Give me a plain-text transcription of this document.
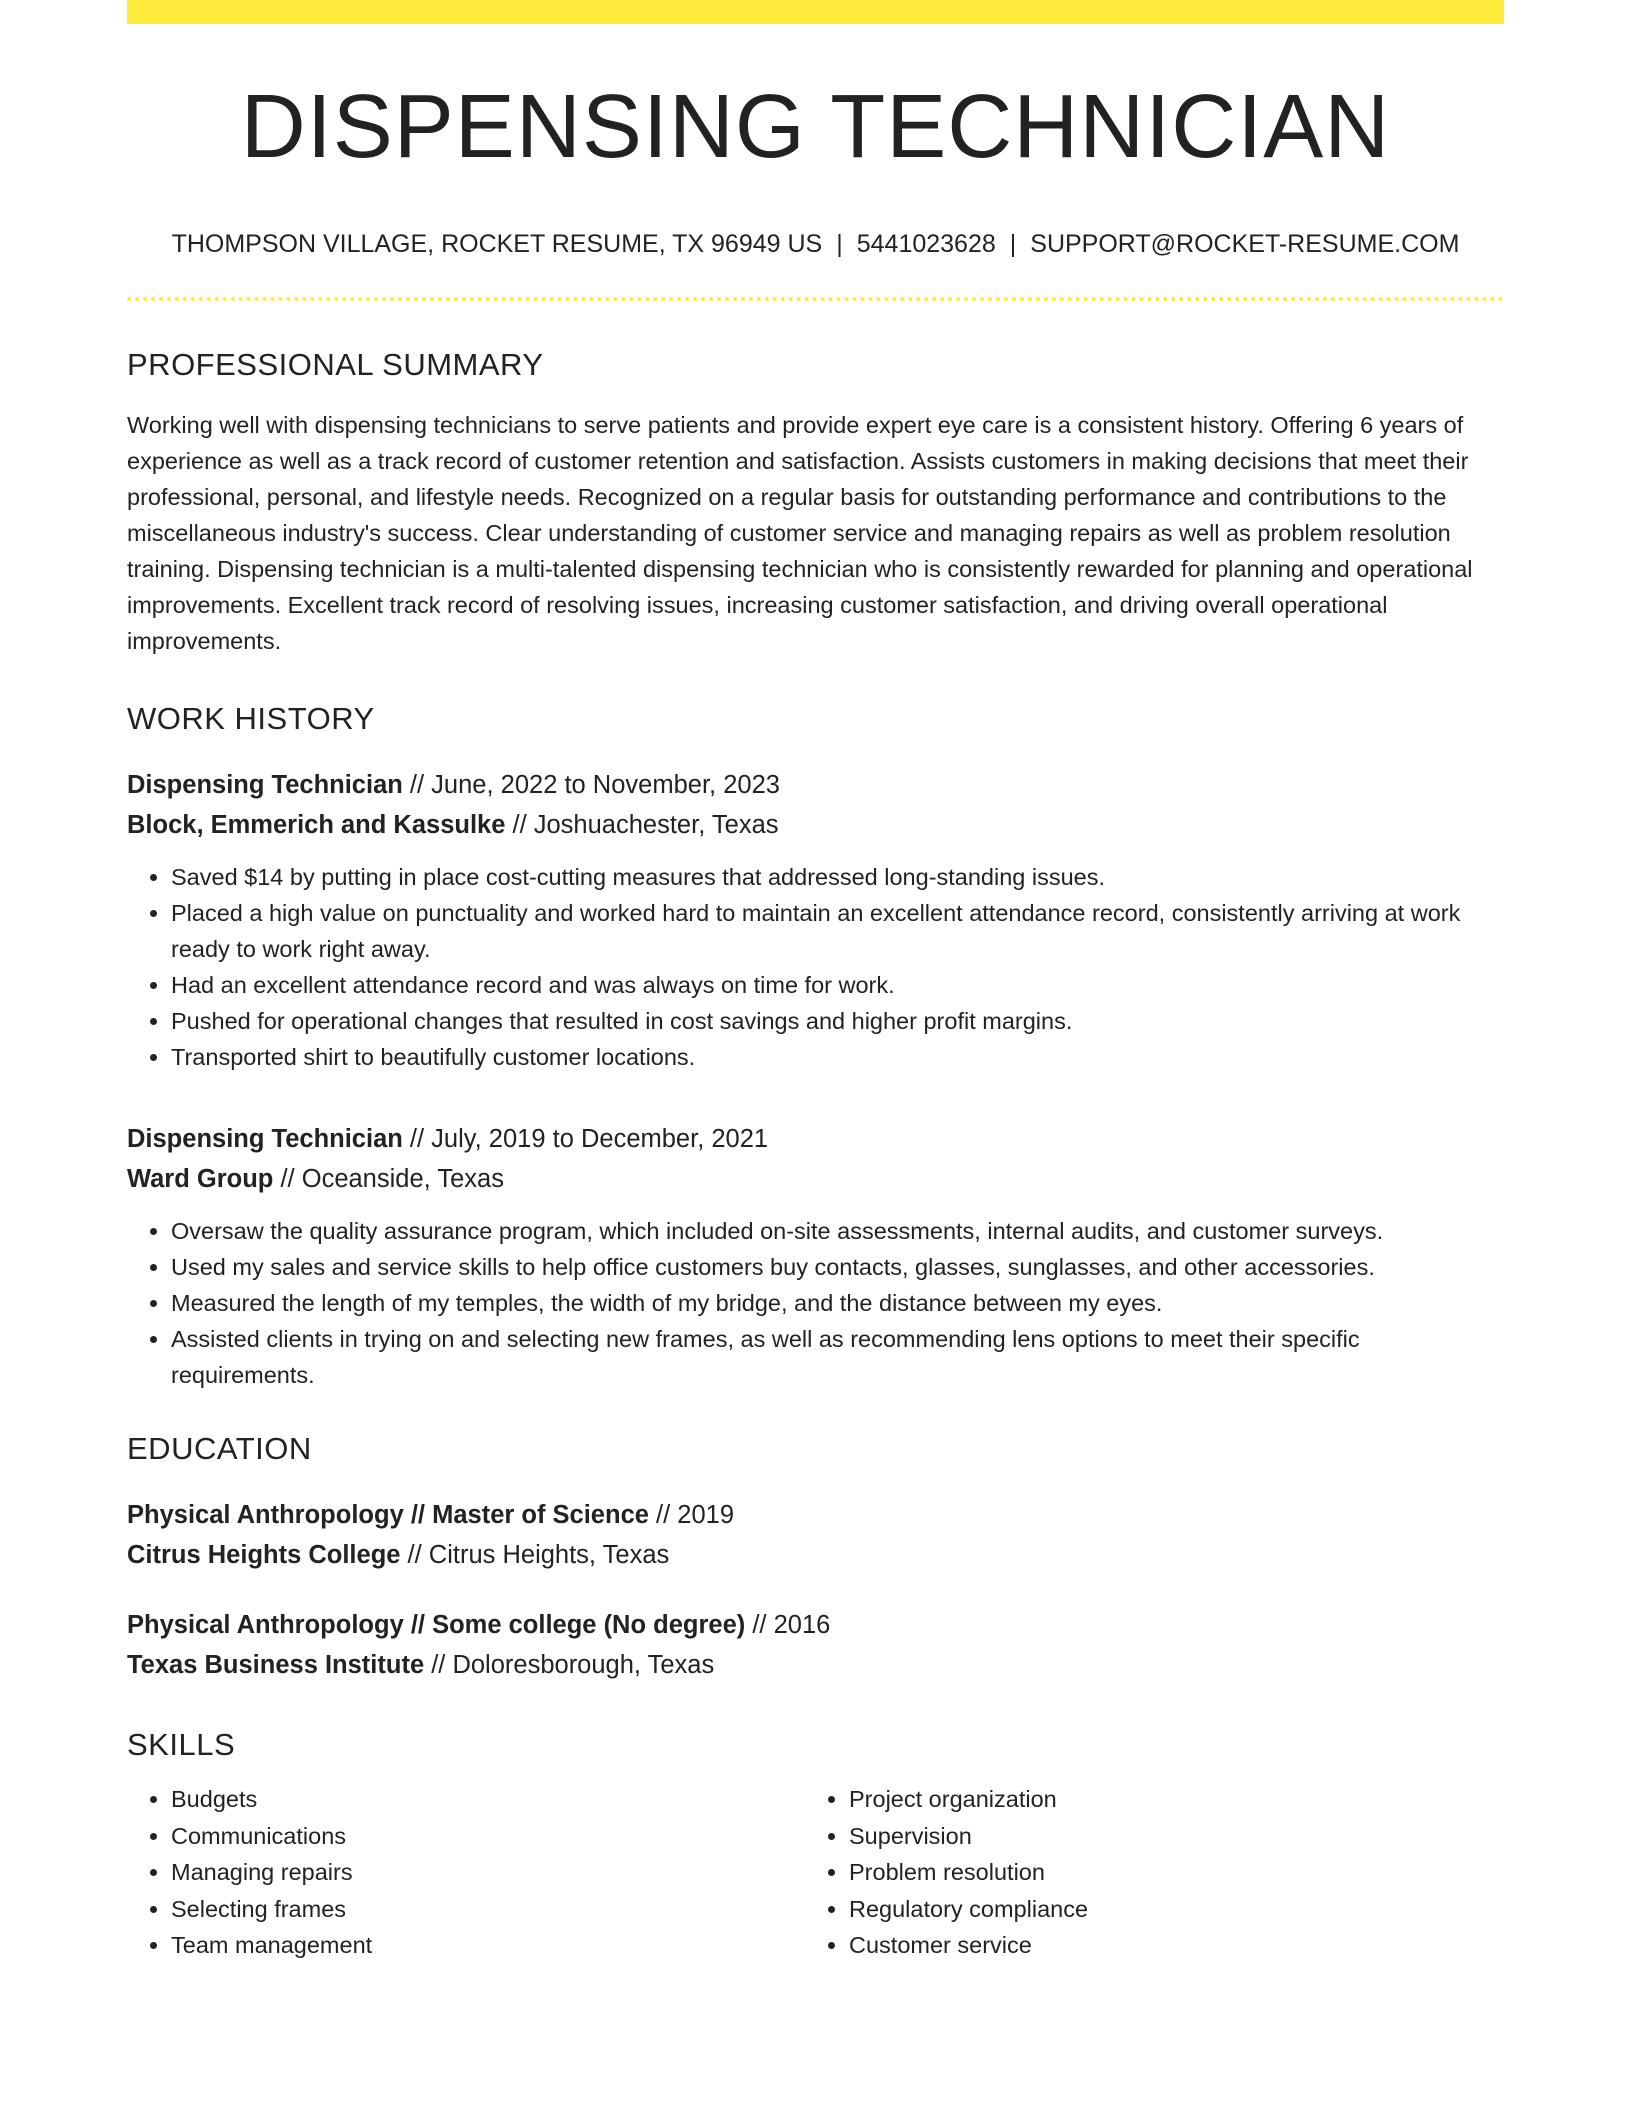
DISPENSING TECHNICIAN
THOMPSON VILLAGE, ROCKET RESUME, TX 96949 US | 5441023628 | SUPPORT@ROCKET-RESUME.COM
PROFESSIONAL SUMMARY

Working well with dispensing technicians to serve patients and provide expert eye care is a consistent history. Offering 6 years of experience as well as a track record of customer retention and satisfaction. Assists customers in making decisions that meet their professional, personal, and lifestyle needs. Recognized on a regular basis for outstanding performance and contributions to the miscellaneous industry's success. Clear understanding of customer service and managing repairs as well as problem resolution training. Dispensing technician is a multi-talented dispensing technician who is consistently rewarded for planning and operational improvements. Excellent track record of resolving issues, increasing customer satisfaction, and driving overall operational improvements.

WORK HISTORY
Dispensing Technician // June, 2022 to November, 2023
Block, Emmerich and Kassulke // Joshuachester, Texas
• Saved $14 by putting in place cost-cutting measures that addressed long-standing issues.
• Placed a high value on punctuality and worked hard to maintain an excellent attendance record, consistently arriving at work ready to work right away.
• Had an excellent attendance record and was always on time for work.
• Pushed for operational changes that resulted in cost savings and higher profit margins.
• Transported shirt to beautifully customer locations.
Dispensing Technician // July, 2019 to December, 2021
Ward Group // Oceanside, Texas
• Oversaw the quality assurance program, which included on-site assessments, internal audits, and customer surveys.
• Used my sales and service skills to help office customers buy contacts, glasses, sunglasses, and other accessories.
• Measured the length of my temples, the width of my bridge, and the distance between my eyes.
• Assisted clients in trying on and selecting new frames, as well as recommending lens options to meet their specific requirements.
EDUCATION
Physical Anthropology // Master of Science // 2019
Citrus Heights College // Citrus Heights, Texas
Physical Anthropology // Some college (No degree) // 2016
Texas Business Institute // Doloresborough, Texas
SKILLS
• Budgets
• Communications
• Managing repairs
• Selecting frames
• Team management
• Project organization
• Supervision
• Problem resolution
• Regulatory compliance
• Customer service
